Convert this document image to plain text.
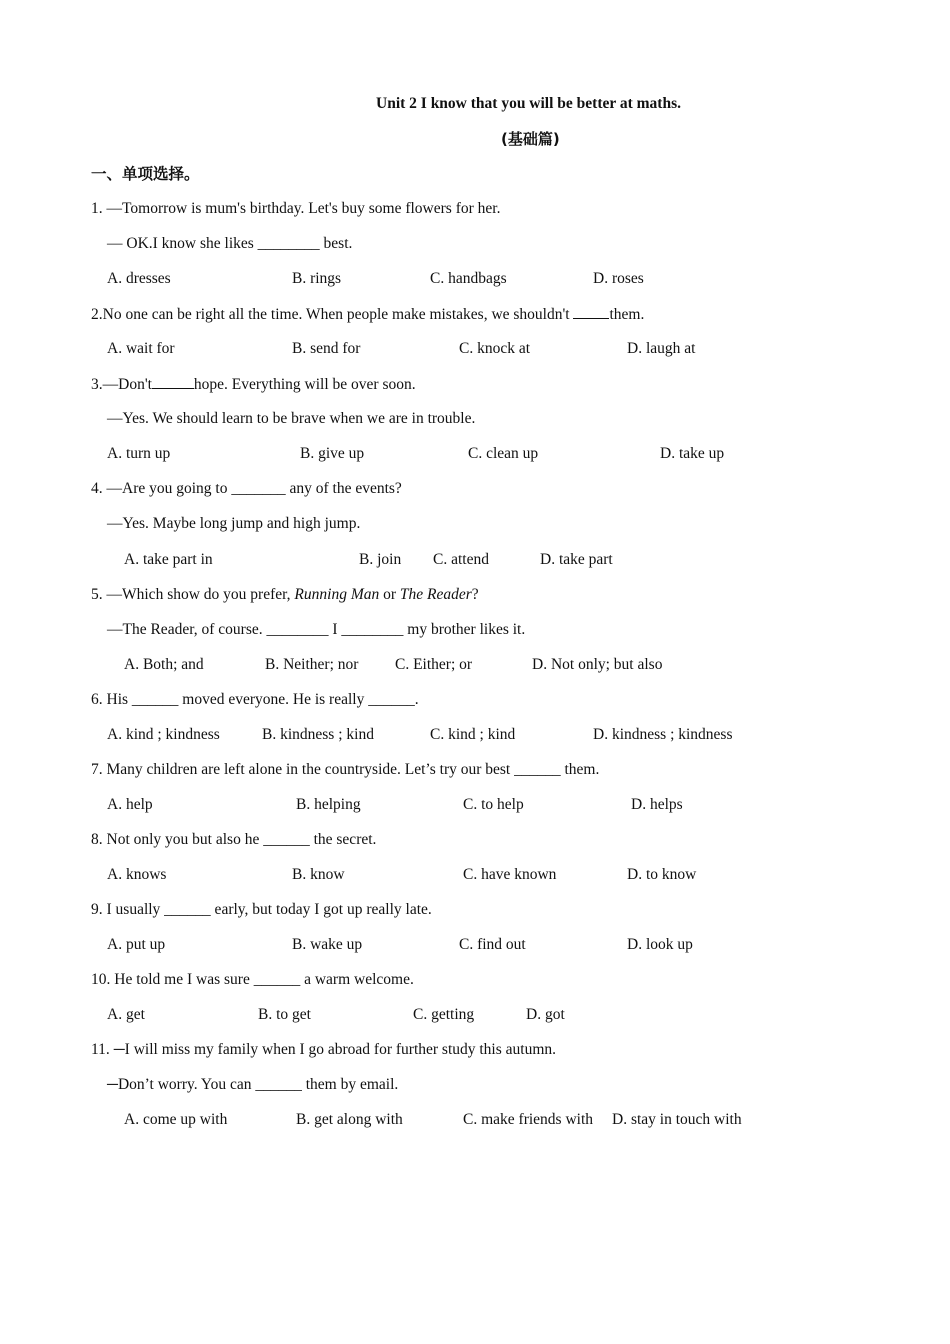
Unit 2 I know that you will be better at maths.
(基础篇)
一、单项选择。
1. —Tomorrow is mum's birthday. Let's buy some flowers for her.
— OK.I know she likes ________ best.
A. dresses	B. rings	C. handbags	D. roses
2.No one can be right all the time. When people make mistakes, we shouldn't them.
A. wait for	B. send for	C. knock at	D. laugh at
3.—Don't	hope. Everything will be over soon.
—Yes. We should learn to be brave when we are in trouble.
A. turn up	B. give up	C. clean up	D. take up
4. —Are you going to _______ any of the events?
—Yes. Maybe long jump and high jump.
A. take part in	B. join C. attend	D. take part
5. —Which show do you prefer, Running Man or The Reader?
—The Reader, of course. ________ I ________ my brother likes it.
A. Both; and	B. Neither; nor C. Either; or	D. Not only; but also
6. His ______ moved everyone. He is really ______.
A. kind ; kindness	B. kindness ; kind	C. kind ; kind	D. kindness ; kindness
7. Many children are left alone in the countryside. Let’s try our best ______ them.
A. help	B. helping	C. to help	D. helps
8. Not only you but also he ______ the secret.
A. knows	B. know	C. have known	D. to know
9. I usually ______ early, but today I got up really late.
A. put up	B. wake up	C. find out	D. look up
10. He told me I was sure ______ a warm welcome.
A. get	B. to get	C. getting	D. got
11. ─I will miss my family when I go abroad for further study this autumn.
─Don’t worry. You can ______ them by email.
A. come up with	B. get along with	C. make friends with D. stay in touch with
